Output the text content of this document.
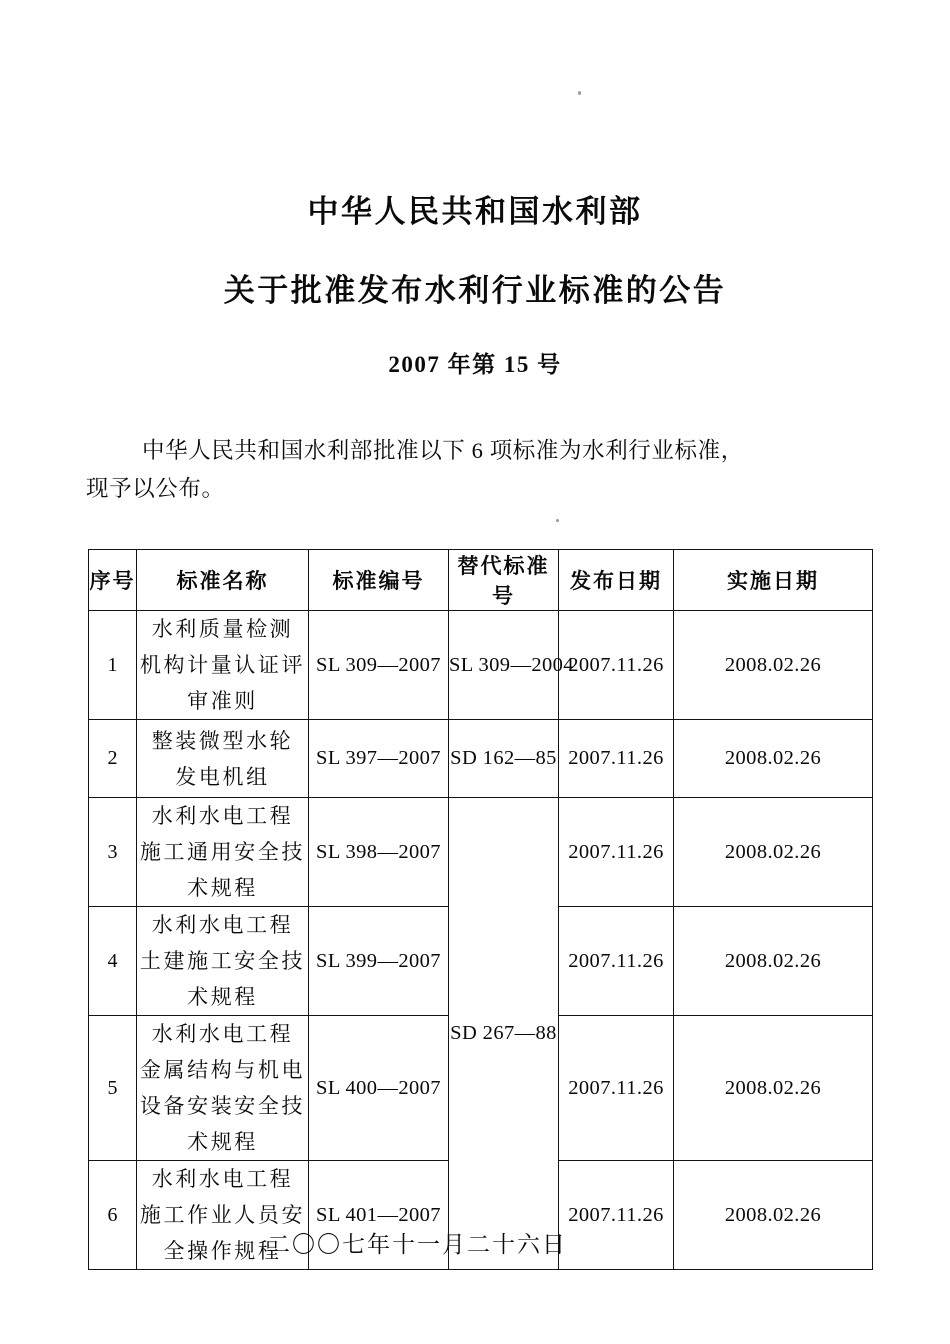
中华人民共和国水利部
关于批准发布水利行业标准的公告
2007 年第 15 号
中华人民共和国水利部批准以下 6 项标准为水利行业标准，
现予以公布。
序号	标准名称	标准编号	替代标准号	发布日期	实施日期
1	水利质量检测
机构计量认证评
审准则	SL 309—2007	SL 309—2004	2007.11.26	2008.02.26
2	整装微型水轮
发电机组	SL 397—2007	SD 162—85	2007.11.26	2008.02.26
3	水利水电工程
施工通用安全技
术规程	SL 398—2007	SD 267—88	2007.11.26	2008.02.26
4	水利水电工程
土建施工安全技
术规程	SL 399—2007		2007.11.26	2008.02.26
5	水利水电工程
金属结构与机电
设备安装安全技
术规程	SL 400—2007		2007.11.26	2008.02.26
6	水利水电工程
施工作业人员安
全操作规程	SL 401—2007		2007.11.26	2008.02.26
二〇〇七年十一月二十六日
